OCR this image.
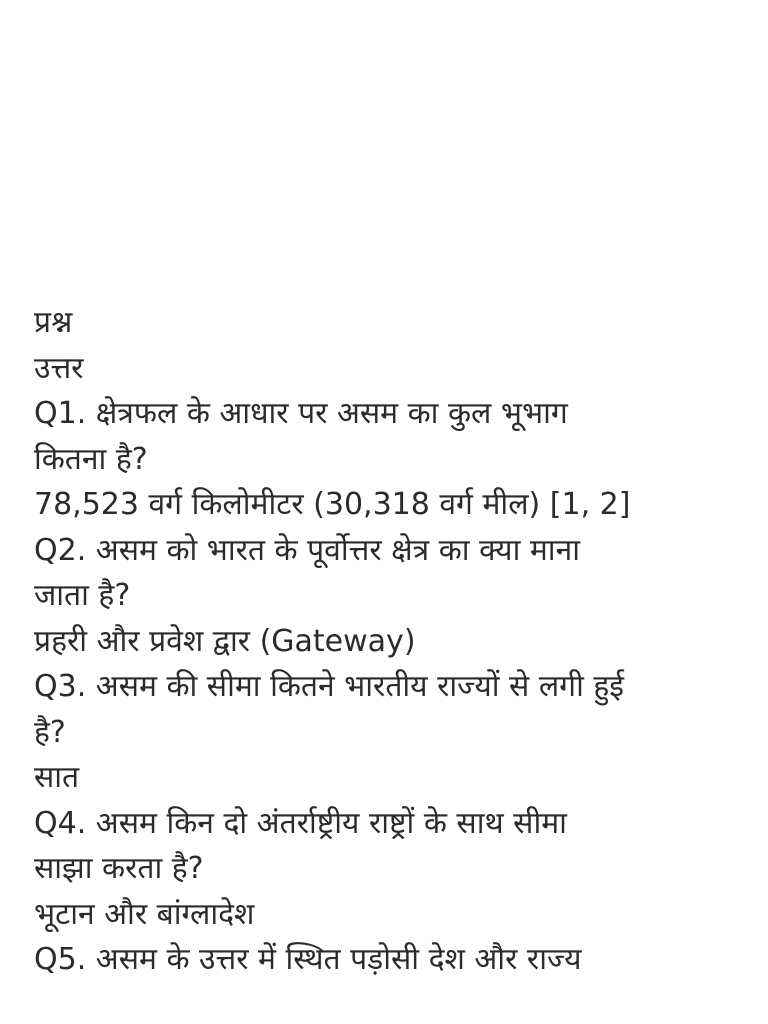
प्रश्न
उत्तर
Q1. क्षेत्रफल के आधार पर असम का कुल भूभाग
कितना है?
78,523 वर्ग किलोमीटर (30,318 वर्ग मील) [1, 2]
Q2. असम को भारत के पूर्वोत्तर क्षेत्र का क्या माना
जाता है?
प्रहरी और प्रवेश द्वार (Gateway)
Q3. असम की सीमा कितने भारतीय राज्यों से लगी हुई
है?
सात
Q4. असम किन दो अंतर्राष्ट्रीय राष्ट्रों के साथ सीमा
साझा करता है?
भूटान और बांग्लादेश
Q5. असम के उत्तर में स्थित पड़ोसी देश और राज्य
